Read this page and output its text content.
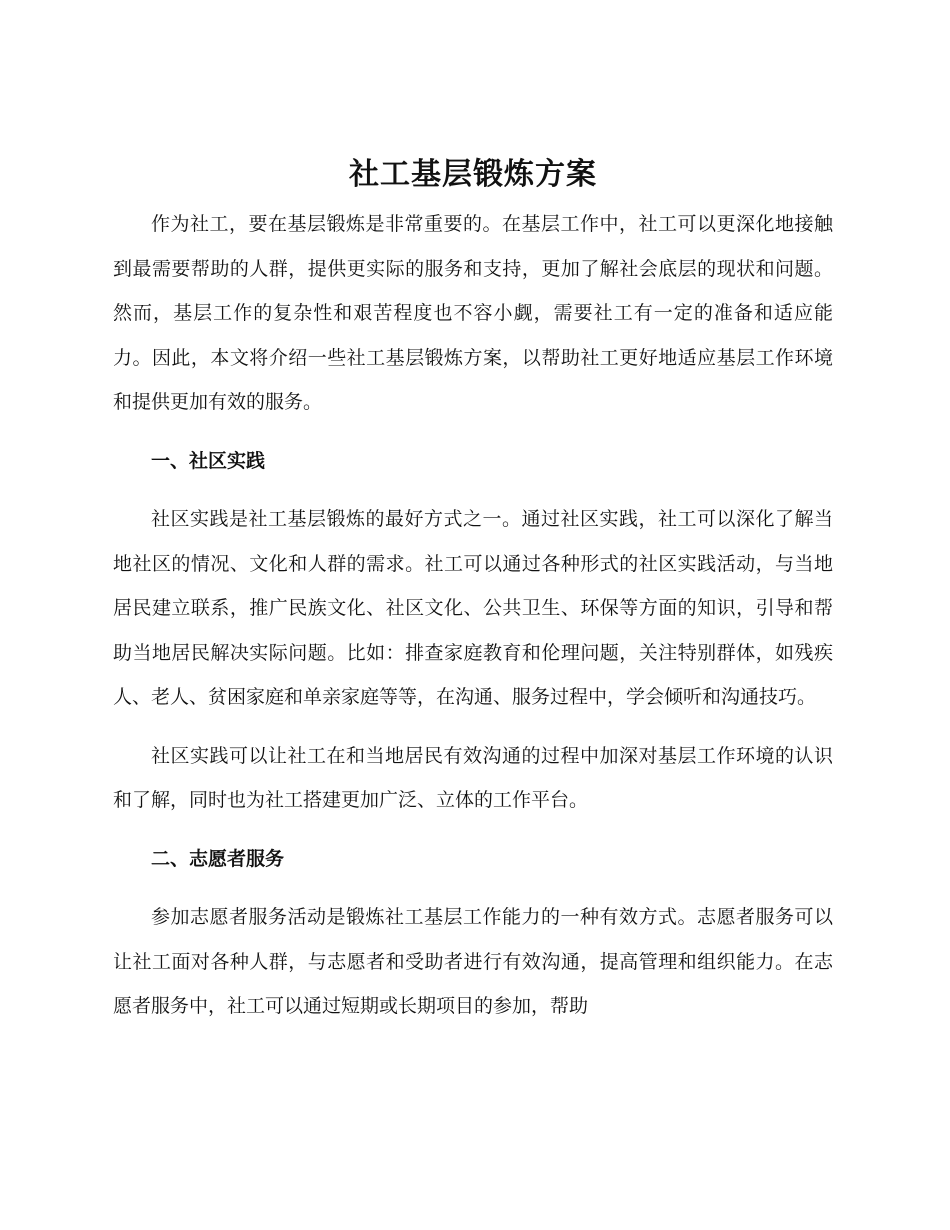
社工基层锻炼方案

作为社工，要在基层锻炼是非常重要的。在基层工作中，社工可以更深化地接触到最需要帮助的人群，提供更实际的服务和支持，更加了解社会底层的现状和问题。然而，基层工作的复杂性和艰苦程度也不容小觑，需要社工有一定的准备和适应能力。因此，本文将介绍一些社工基层锻炼方案，以帮助社工更好地适应基层工作环境和提供更加有效的服务。

一、社区实践

社区实践是社工基层锻炼的最好方式之一。通过社区实践，社工可以深化了解当地社区的情况、文化和人群的需求。社工可以通过各种形式的社区实践活动，与当地居民建立联系，推广民族文化、社区文化、公共卫生、环保等方面的知识，引导和帮助当地居民解决实际问题。比如：排查家庭教育和伦理问题，关注特别群体，如残疾人、老人、贫困家庭和单亲家庭等等，在沟通、服务过程中，学会倾听和沟通技巧。

社区实践可以让社工在和当地居民有效沟通的过程中加深对基层工作环境的认识和了解，同时也为社工搭建更加广泛、立体的工作平台。

二、志愿者服务

参加志愿者服务活动是锻炼社工基层工作能力的一种有效方式。志愿者服务可以让社工面对各种人群，与志愿者和受助者进行有效沟通，提高管理和组织能力。在志愿者服务中，社工可以通过短期或长期项目的参加，帮助
